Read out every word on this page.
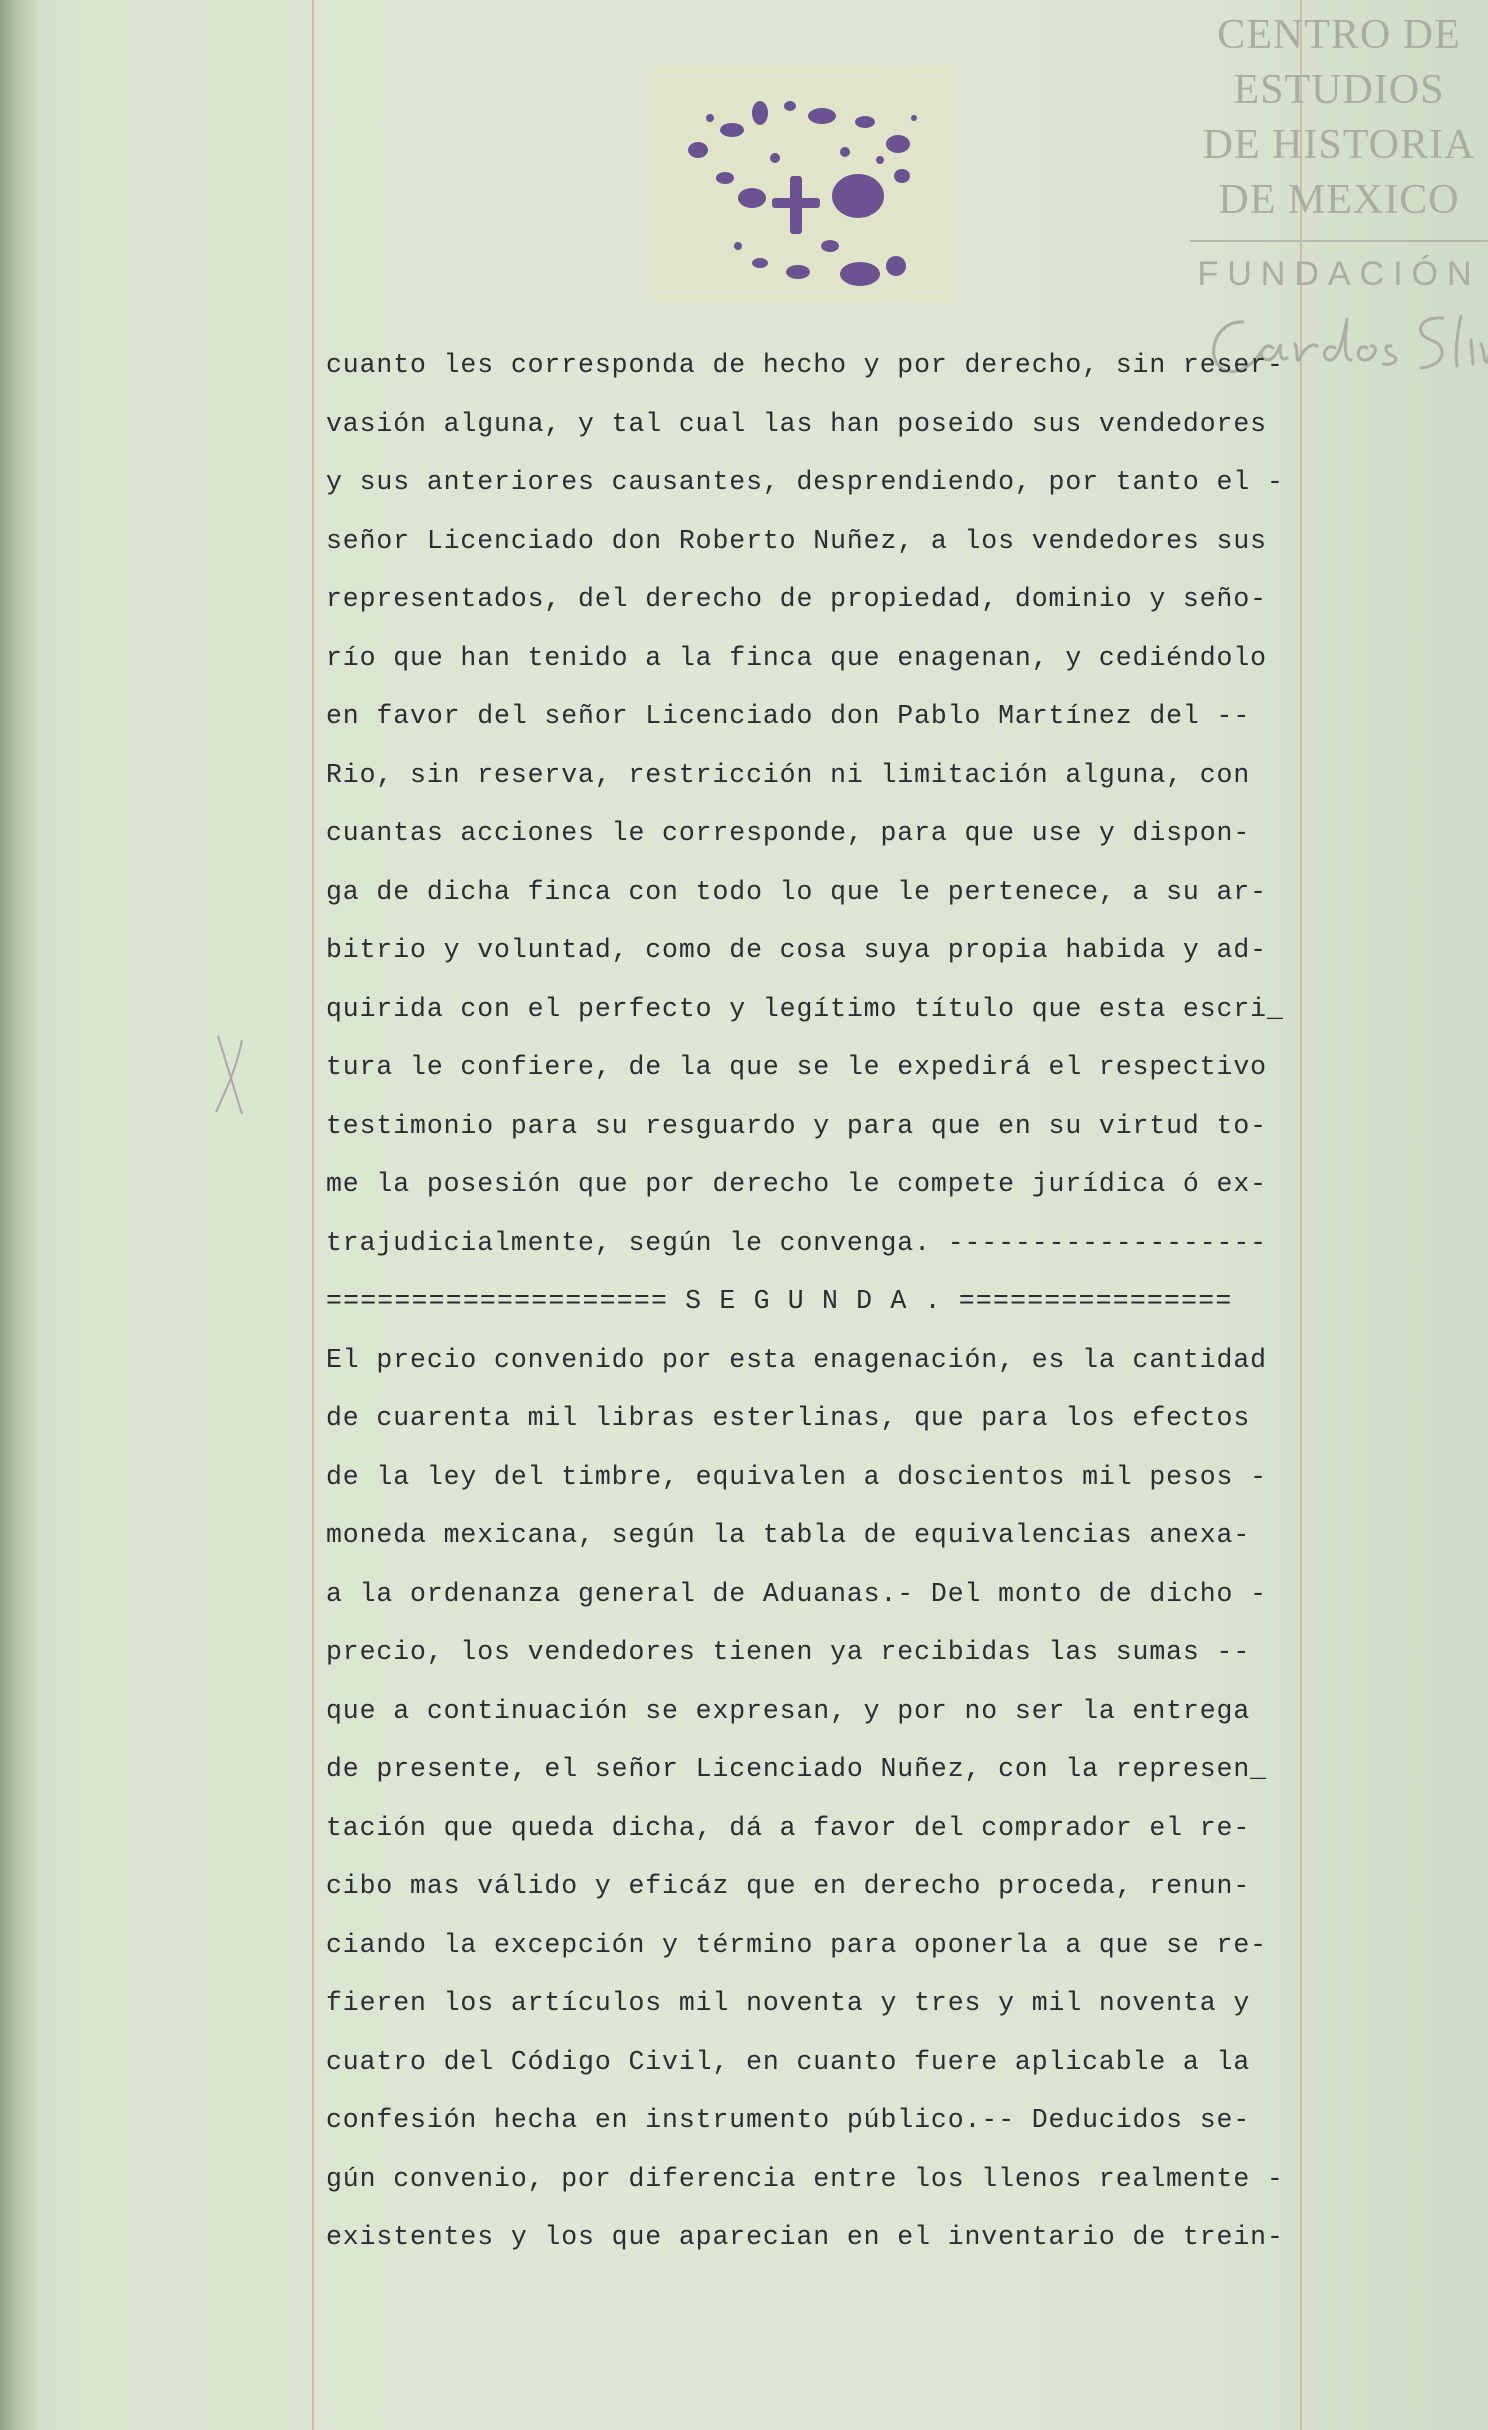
CENTRO DE
ESTUDIOS
DE HISTORIA
DE MEXICO
FUNDACIÓN
cuanto les corresponda de hecho y por derecho, sin reser-
vasión alguna, y tal cual las han poseido sus vendedores
y sus anteriores causantes, desprendiendo, por tanto el -
señor Licenciado don Roberto Nuñez, a los vendedores sus
representados, del derecho de propiedad, dominio y seño-
río que han tenido a la finca que enagenan, y cediéndolo
en favor del señor Licenciado don Pablo Martínez del --
Rio, sin reserva, restricción ni limitación alguna, con
cuantas acciones le corresponde, para que use y dispon-
ga de dicha finca con todo lo que le pertenece, a su ar-
bitrio y voluntad, como de cosa suya propia habida y ad-
quirida con el perfecto y legítimo título que esta escri_
tura le confiere, de la que se le expedirá el respectivo
testimonio para su resguardo y para que en su virtud to-
me la posesión que por derecho le compete jurídica ó ex-
trajudicialmente, según le convenga. -------------------
==================== S E G U N D A . ================
El precio convenido por esta enagenación, es la cantidad
de cuarenta mil libras esterlinas, que para los efectos
de la ley del timbre, equivalen a doscientos mil pesos -
moneda mexicana, según la tabla de equivalencias anexa-
a la ordenanza general de Aduanas.- Del monto de dicho -
precio, los vendedores tienen ya recibidas las sumas --
que a continuación se expresan, y por no ser la entrega
de presente, el señor Licenciado Nuñez, con la represen_
tación que queda dicha, dá a favor del comprador el re-
cibo mas válido y eficáz que en derecho proceda, renun-
ciando la excepción y término para oponerla a que se re-
fieren los artículos mil noventa y tres y mil noventa y
cuatro del Código Civil, en cuanto fuere aplicable a la
confesión hecha en instrumento público.-- Deducidos se-
gún convenio, por diferencia entre los llenos realmente -
existentes y los que aparecian en el inventario de trein-
